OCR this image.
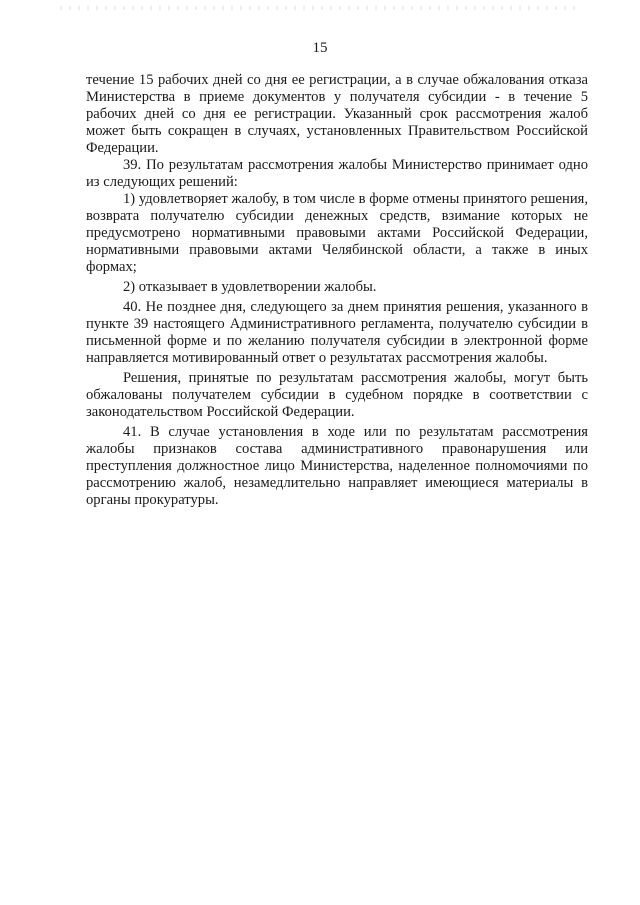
15

течение 15 рабочих дней со дня ее регистрации, а в случае обжалования отказа Министерства в приеме документов у получателя субсидии - в течение 5 рабочих дней со дня ее регистрации. Указанный срок рассмотрения жалоб может быть сокращен в случаях, установленных Правительством Российской Федерации.

39. По результатам рассмотрения жалобы Министерство принимает одно из следующих решений:

1) удовлетворяет жалобу, в том числе в форме отмены принятого решения, возврата получателю субсидии денежных средств, взимание которых не предусмотрено нормативными правовыми актами Российской Федерации, нормативными правовыми актами Челябинской области, а также в иных формах;

2) отказывает в удовлетворении жалобы.

40. Не позднее дня, следующего за днем принятия решения, указанного в пункте 39 настоящего Административного регламента, получателю субсидии в письменной форме и по желанию получателя субсидии в электронной форме направляется мотивированный ответ о результатах рассмотрения жалобы.

Решения, принятые по результатам рассмотрения жалобы, могут быть обжалованы получателем субсидии в судебном порядке в соответствии с законодательством Российской Федерации.

41. В случае установления в ходе или по результатам рассмотрения жалобы признаков состава административного правонарушения или преступления должностное лицо Министерства, наделенное полномочиями по рассмотрению жалоб, незамедлительно направляет имеющиеся материалы в органы прокуратуры.
